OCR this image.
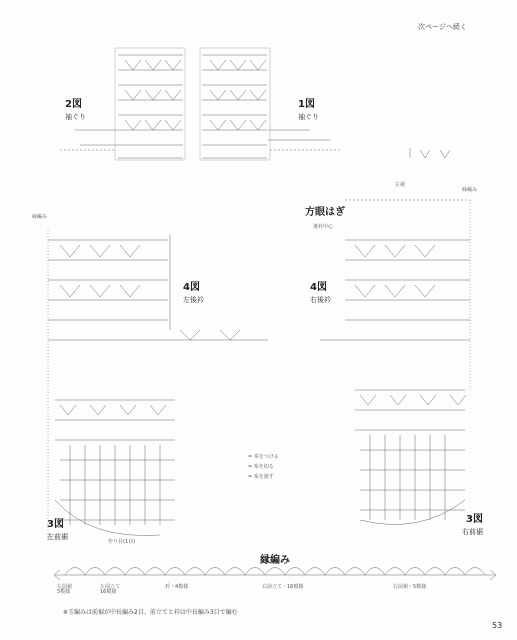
次ページへ続く
2図
袖ぐり
1図
袖ぐり
左裾
縁編み
縁編み	方眼はぎ
後衿中心
4図
左後衿
4図
右後衿
= 糸をつける
= 糸を切る
= 糸を渡す
3図
左前裾
作り目(1目)
3図
右前裾
縁編み
左前裾
5模様
左前立て
16模様
衿・4模様	右前立て・16模様	右前裾・5模様
※玉編みは前裾が中長編み2目、前立てと衿は中長編み3目で編む
53
